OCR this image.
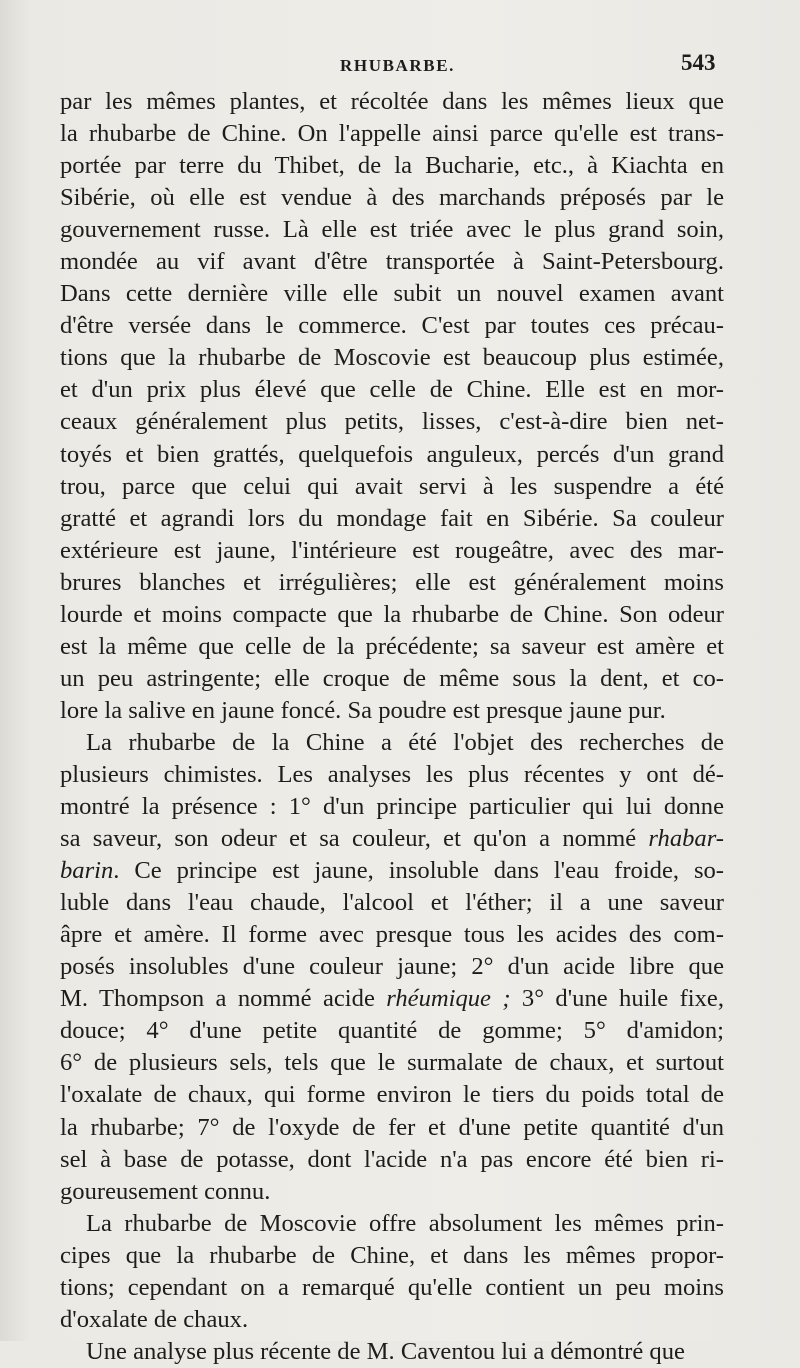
RHUBARBE.	543
par les mêmes plantes, et récoltée dans les mêmes lieux que
la rhubarbe de Chine. On l'appelle ainsi parce qu'elle est trans-
portée par terre du Thibet, de la Bucharie, etc., à Kiachta en
Sibérie, où elle est vendue à des marchands préposés par le
gouvernement russe. Là elle est triée avec le plus grand soin,
mondée au vif avant d'être transportée à Saint-Petersbourg.
Dans cette dernière ville elle subit un nouvel examen avant
d'être versée dans le commerce. C'est par toutes ces précau-
tions que la rhubarbe de Moscovie est beaucoup plus estimée,
et d'un prix plus élevé que celle de Chine. Elle est en mor-
ceaux généralement plus petits, lisses, c'est-à-dire bien net-
toyés et bien grattés, quelquefois anguleux, percés d'un grand
trou, parce que celui qui avait servi à les suspendre a été
gratté et agrandi lors du mondage fait en Sibérie. Sa couleur
extérieure est jaune, l'intérieure est rougeâtre, avec des mar-
brures blanches et irrégulières; elle est généralement moins
lourde et moins compacte que la rhubarbe de Chine. Son odeur
est la même que celle de la précédente; sa saveur est amère et
un peu astringente; elle croque de même sous la dent, et co-
lore la salive en jaune foncé. Sa poudre est presque jaune pur.
La rhubarbe de la Chine a été l'objet des recherches de
plusieurs chimistes. Les analyses les plus récentes y ont dé-
montré la présence : 1° d'un principe particulier qui lui donne
sa saveur, son odeur et sa couleur, et qu'on a nommé rhabar-
barin. Ce principe est jaune, insoluble dans l'eau froide, so-
luble dans l'eau chaude, l'alcool et l'éther; il a une saveur
âpre et amère. Il forme avec presque tous les acides des com-
posés insolubles d'une couleur jaune; 2° d'un acide libre que
M. Thompson a nommé acide rhéumique ; 3° d'une huile fixe,
douce; 4° d'une petite quantité de gomme; 5° d'amidon;
6° de plusieurs sels, tels que le surmalate de chaux, et surtout
l'oxalate de chaux, qui forme environ le tiers du poids total de
la rhubarbe; 7° de l'oxyde de fer et d'une petite quantité d'un
sel à base de potasse, dont l'acide n'a pas encore été bien ri-
goureusement connu.
La rhubarbe de Moscovie offre absolument les mêmes prin-
cipes que la rhubarbe de Chine, et dans les mêmes propor-
tions; cependant on a remarqué qu'elle contient un peu moins
d'oxalate de chaux.
Une analyse plus récente de M. Caventou lui a démontré que
